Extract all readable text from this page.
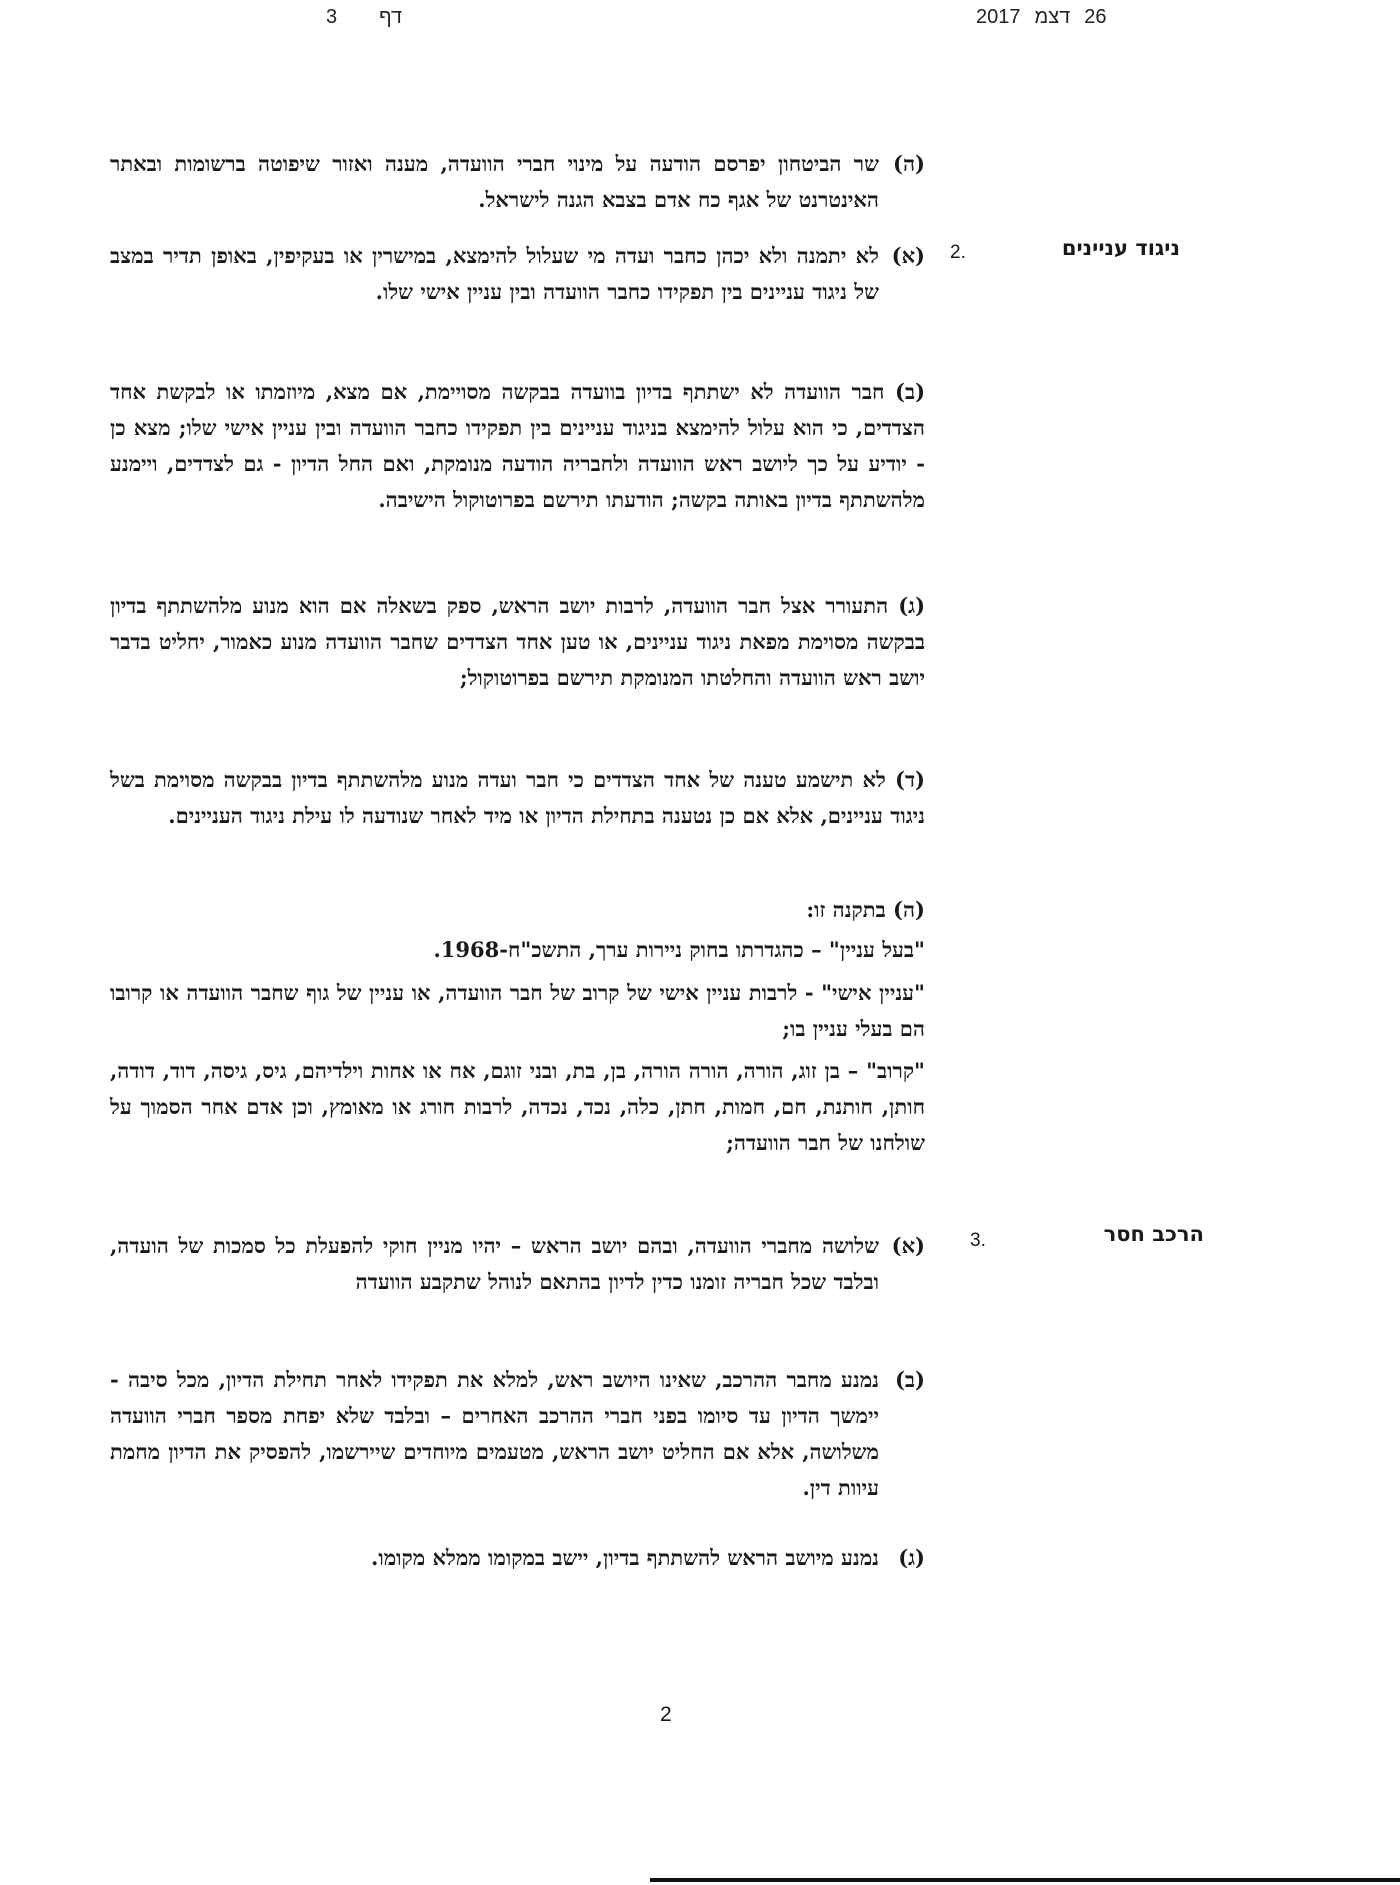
3 דף	2017 דצמ 26
(ה)
שר הביטחון יפרסם הודעה על מינוי חברי הוועדה, מענה ואזור שיפוטה ברשומות ובאתר האינטרנט של אגף כח אדם בצבא הגנה לישראל.
ניגוד עניינים
2.
(א)
לא יתמנה ולא יכהן כחבר ועדה מי שעלול להימצא, במישרין או בעקיפין, באופן תדיר במצב של ניגוד עניינים בין תפקידו כחבר הוועדה ובין עניין אישי שלו.
(ב) חבר הוועדה לא ישתתף בדיון בוועדה בבקשה מסויימת, אם מצא, מיוזמתו או לבקשת אחד הצדדים, כי הוא עלול להימצא בניגוד עניינים בין תפקידו כחבר הוועדה ובין עניין אישי שלו; מצא כן - יודיע על כך ליושב ראש הוועדה ולחבריה הודעה מנומקת, ואם החל הדיון - גם לצדדים, ויימנע מלהשתתף בדיון באותה בקשה; הודעתו תירשם בפרוטוקול הישיבה.
(ג) התעורר אצל חבר הוועדה, לרבות יושב הראש, ספק בשאלה אם הוא מנוע מלהשתתף בדיון בבקשה מסוימת מפאת ניגוד עניינים, או טען אחד הצדדים שחבר הוועדה מנוע כאמור, יחליט בדבר יושב ראש הוועדה והחלטתו המנומקת תירשם בפרוטוקול;
(ד) לא תישמע טענה של אחד הצדדים כי חבר ועדה מנוע מלהשתתף בדיון בבקשה מסוימת בשל ניגוד עניינים, אלא אם כן נטענה בתחילת הדיון או מיד לאחר שנודעה לו עילת ניגוד העניינים.
(ה) בתקנה זו:
"בעל עניין" – כהגדרתו בחוק ניירות ערך, התשכ"ח-1968.
"עניין אישי" - לרבות עניין אישי של קרוב של חבר הוועדה, או עניין של גוף שחבר הוועדה או קרובו הם בעלי עניין בו;
"קרוב" – בן זוג, הורה, הורה הורה, בן, בת, ובני זוגם, אח או אחות וילדיהם, גיס, גיסה, דוד, דודה, חותן, חותנת, חם, חמות, חתן, כלה, נכד, נכדה, לרבות חורג או מאומץ, וכן אדם אחר הסמוך על שולחנו של חבר הוועדה;
הרכב חסר
3.
(א)
שלושה מחברי הוועדה, ובהם יושב הראש – יהיו מניין חוקי להפעלת כל סמכות של הועדה, ובלבד שכל חבריה זומנו כדין לדיון בהתאם לנוהל שתקבע הוועדה
(ב)
נמנע מחבר ההרכב, שאינו היושב ראש, למלא את תפקידו לאחר תחילת הדיון, מכל סיבה - יימשך הדיון עד סיומו בפני חברי ההרכב האחרים – ובלבד שלא יפחת מספר חברי הוועדה משלושה, אלא אם החליט יושב הראש, מטעמים מיוחדים שיירשמו, להפסיק את הדיון מחמת עיוות דין.
(ג)
נמנע מיושב הראש להשתתף בדיון, יישב במקומו ממלא מקומו.
2
